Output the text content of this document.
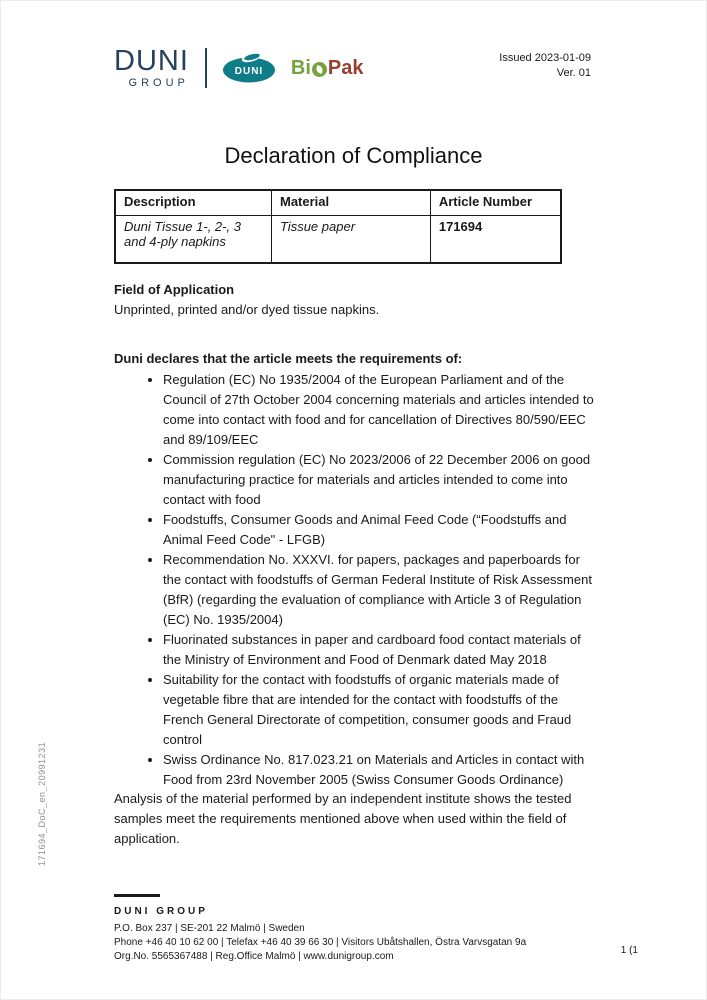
DUNI
GROUP
DUNI Bi Pak	Issued 2023-01-09
Ver. 01
Declaration of Compliance
Description	Material	Article Number
Duni Tissue 1-, 2-, 3 and 4-ply napkins	Tissue paper	171694
Field of Application
Unprinted, printed and/or dyed tissue napkins.
Duni declares that the article meets the requirements of:
• Regulation (EC) No 1935/2004 of the European Parliament and of the Council of 27th October 2004 concerning materials and articles intended to come into contact with food and for cancellation of Directives 80/590/EEC and 89/109/EEC
• Commission regulation (EC) No 2023/2006 of 22 December 2006 on good manufacturing practice for materials and articles intended to come into contact with food
• Foodstuffs, Consumer Goods and Animal Feed Code (“Foodstuffs and Animal Feed Code" - LFGB)
• Recommendation No. XXXVI. for papers, packages and paperboards for the contact with foodstuffs of German Federal Institute of Risk Assessment (BfR) (regarding the evaluation of compliance with Article 3 of Regulation (EC) No. 1935/2004)
• Fluorinated substances in paper and cardboard food contact materials of the Ministry of Environment and Food of Denmark dated May 2018
• Suitability for the contact with foodstuffs of organic materials made of vegetable fibre that are intended for the contact with foodstuffs of the French General Directorate of competition, consumer goods and Fraud control
• Swiss Ordinance No. 817.023.21 on Materials and Articles in contact with Food from 23rd November 2005 (Swiss Consumer Goods Ordinance)
Analysis of the material performed by an independent institute shows the tested samples meet the requirements mentioned above when used within the field of application.
171694_DoC_en_20991231
DUNI GROUP
P.O. Box 237 | SE-201 22 Malmö | Sweden
Phone +46 40 10 62 00 | Telefax +46 40 39 66 30 | Visitors Ubåtshallen, Östra Varvsgatan 9a
Org.No. 5565367488 | Reg.Office Malmö | www.dunigroup.com
1 (1
